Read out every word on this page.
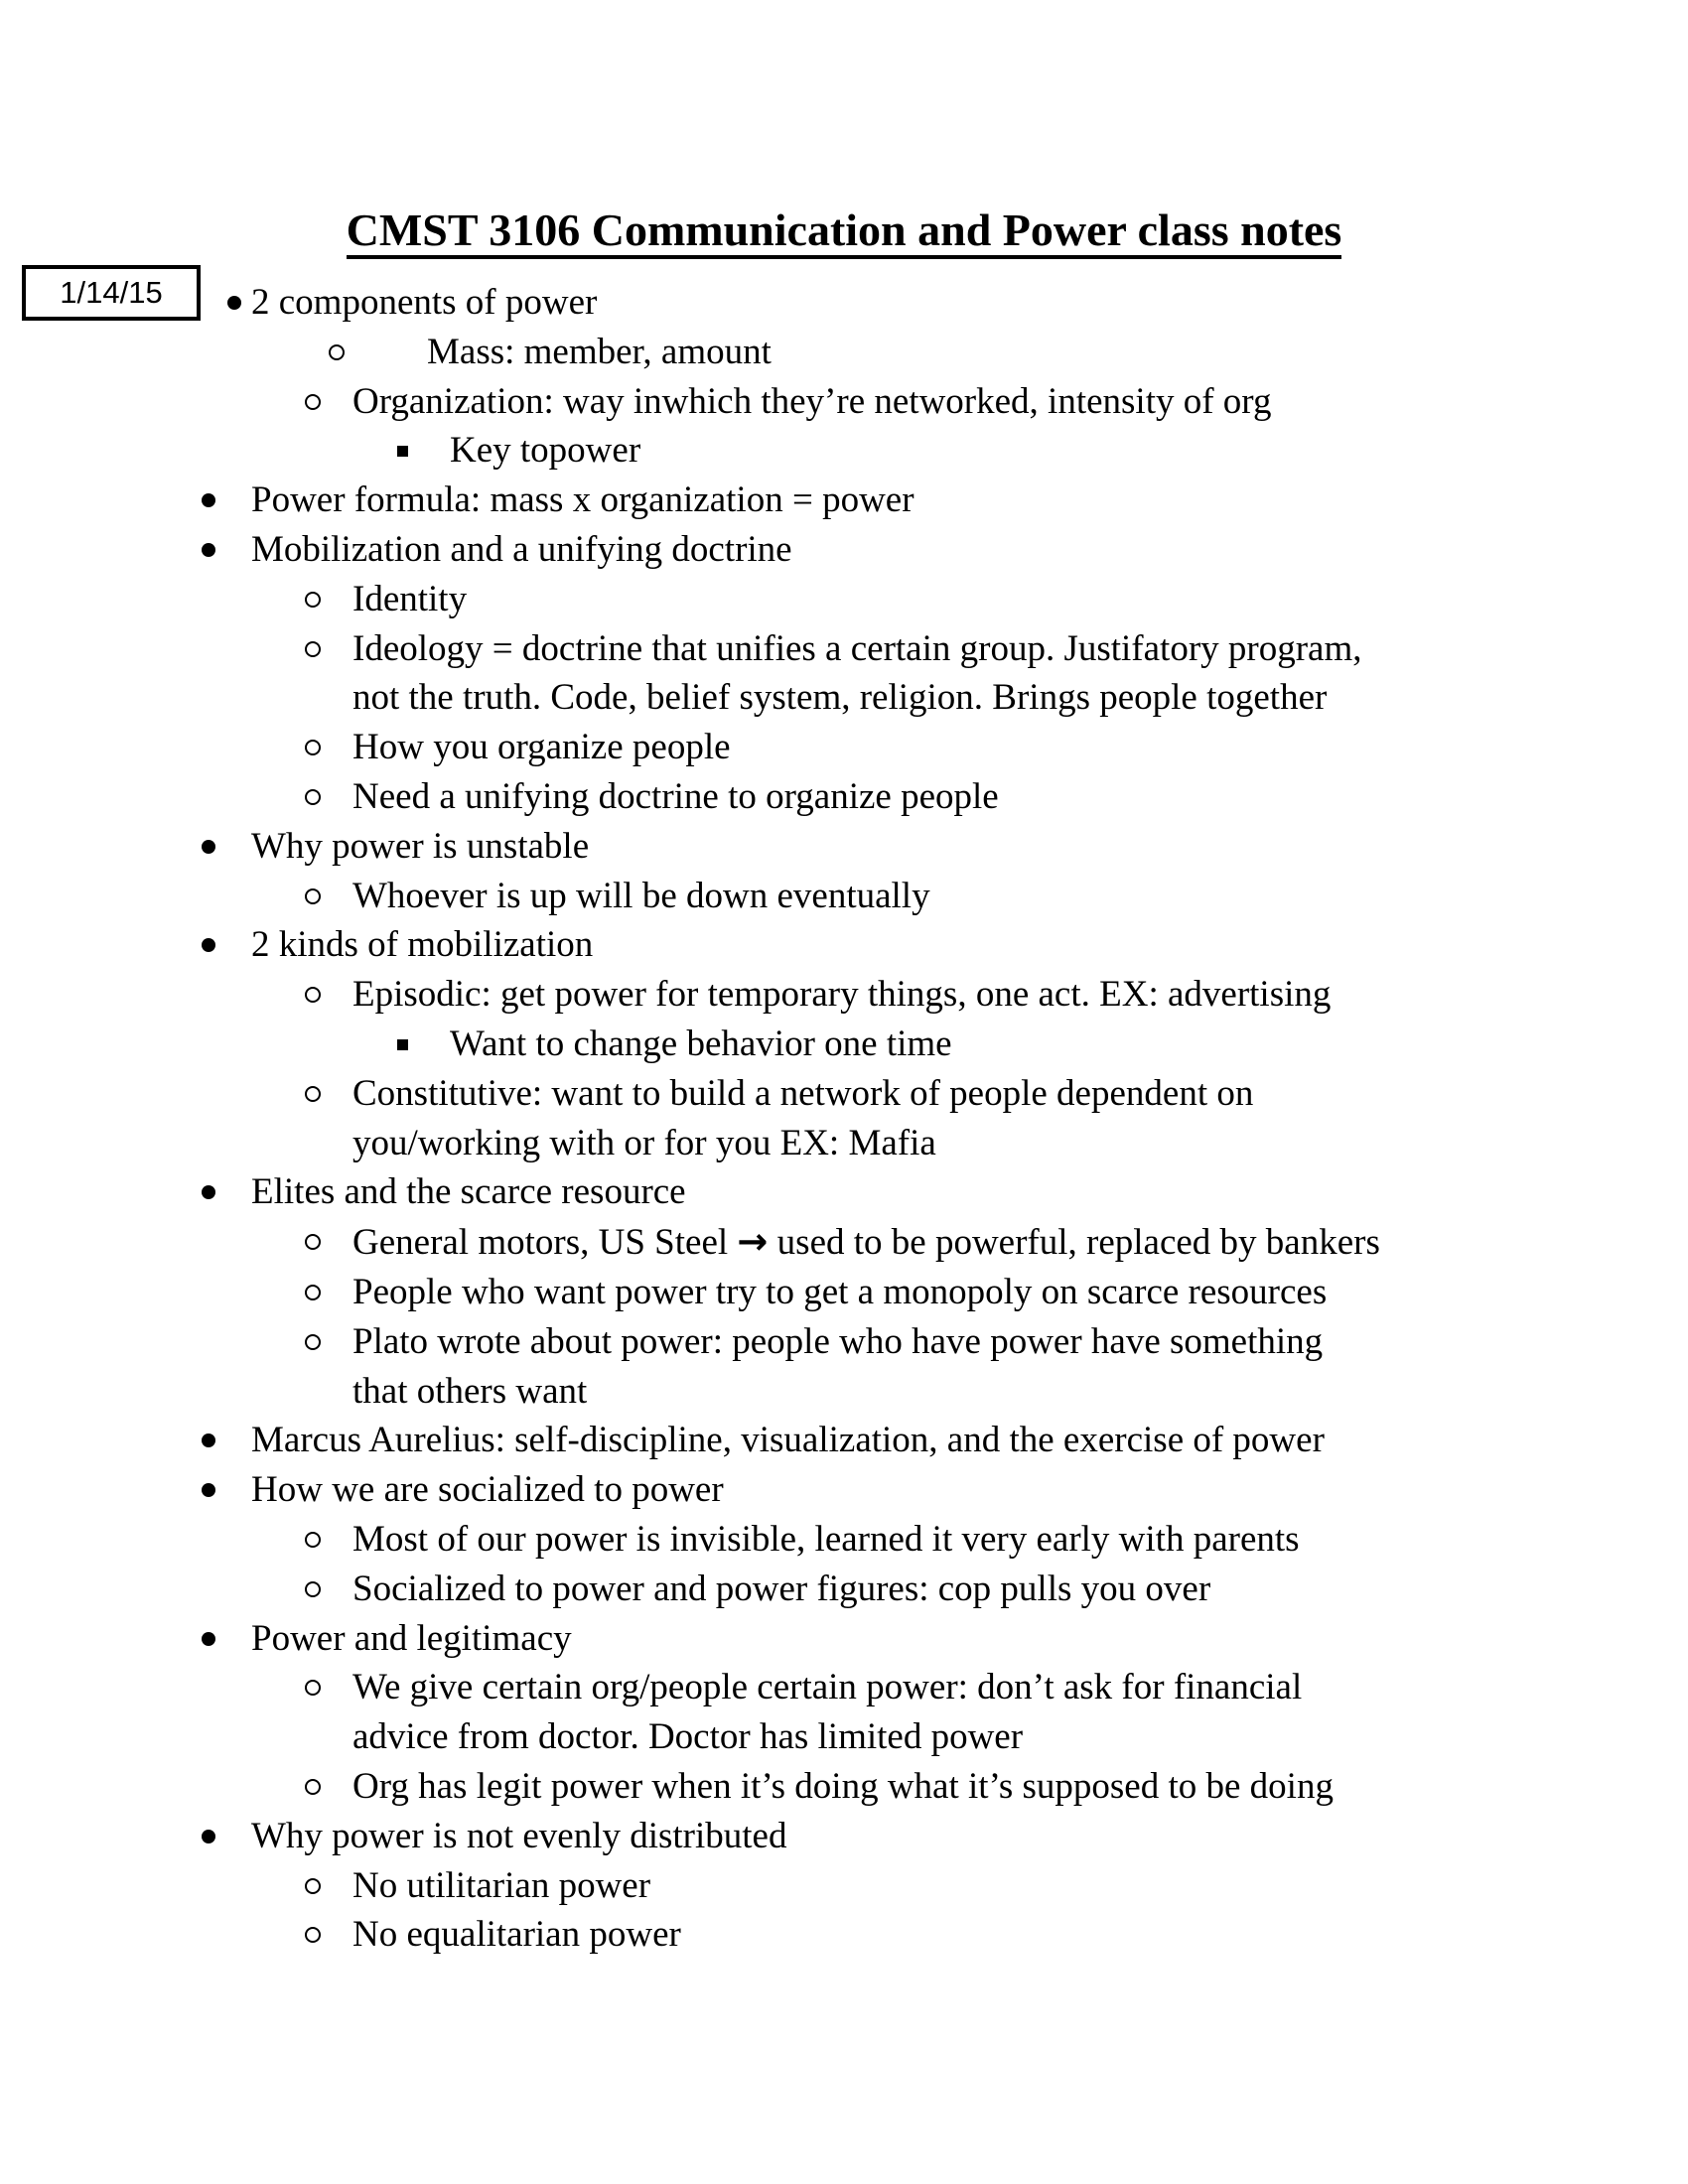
CMST 3106 Communication and Power class notes
1/14/15 2 components of power
Mass: member, amount
Organization: way inwhich they’re networked, intensity of org
Key topower
Power formula: mass x organization = power
Mobilization and a unifying doctrine
Identity
Ideology = doctrine that unifies a certain group. Justifatory program,
not the truth. Code, belief system, religion. Brings people together
How you organize people
Need a unifying doctrine to organize people
Why power is unstable
Whoever is up will be down eventually
2 kinds of mobilization
Episodic: get power for temporary things, one act. EX: advertising
Want to change behavior one time
Constitutive: want to build a network of people dependent on
you/working with or for you EX: Mafia
Elites and the scarce resource
General motors, US Steel → used to be powerful, replaced by bankers
People who want power try to get a monopoly on scarce resources
Plato wrote about power: people who have power have something
that others want
Marcus Aurelius: self-discipline, visualization, and the exercise of power
How we are socialized to power
Most of our power is invisible, learned it very early with parents
Socialized to power and power figures: cop pulls you over
Power and legitimacy
We give certain org/people certain power: don’t ask for financial
advice from doctor. Doctor has limited power
Org has legit power when it’s doing what it’s supposed to be doing
Why power is not evenly distributed
No utilitarian power
No equalitarian power
